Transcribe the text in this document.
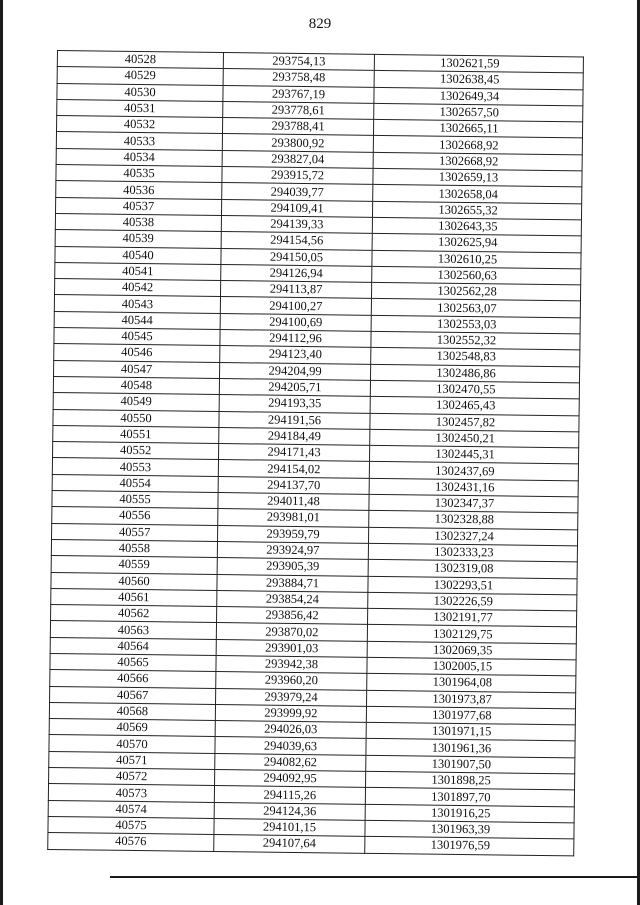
829
40528	293754,13	1302621,59
40529	293758,48	1302638,45
40530	293767,19	1302649,34
40531	293778,61	1302657,50
40532	293788,41	1302665,11
40533	293800,92	1302668,92
40534	293827,04	1302668,92
40535	293915,72	1302659,13
40536	294039,77	1302658,04
40537	294109,41	1302655,32
40538	294139,33	1302643,35
40539	294154,56	1302625,94
40540	294150,05	1302610,25
40541	294126,94	1302560,63
40542	294113,87	1302562,28
40543	294100,27	1302563,07
40544	294100,69	1302553,03
40545	294112,96	1302552,32
40546	294123,40	1302548,83
40547	294204,99	1302486,86
40548	294205,71	1302470,55
40549	294193,35	1302465,43
40550	294191,56	1302457,82
40551	294184,49	1302450,21
40552	294171,43	1302445,31
40553	294154,02	1302437,69
40554	294137,70	1302431,16
40555	294011,48	1302347,37
40556	293981,01	1302328,88
40557	293959,79	1302327,24
40558	293924,97	1302333,23
40559	293905,39	1302319,08
40560	293884,71	1302293,51
40561	293854,24	1302226,59
40562	293856,42	1302191,77
40563	293870,02	1302129,75
40564	293901,03	1302069,35
40565	293942,38	1302005,15
40566	293960,20	1301964,08
40567	293979,24	1301973,87
40568	293999,92	1301977,68
40569	294026,03	1301971,15
40570	294039,63	1301961,36
40571	294082,62	1301907,50
40572	294092,95	1301898,25
40573	294115,26	1301897,70
40574	294124,36	1301916,25
40575	294101,15	1301963,39
40576	294107,64	1301976,59
